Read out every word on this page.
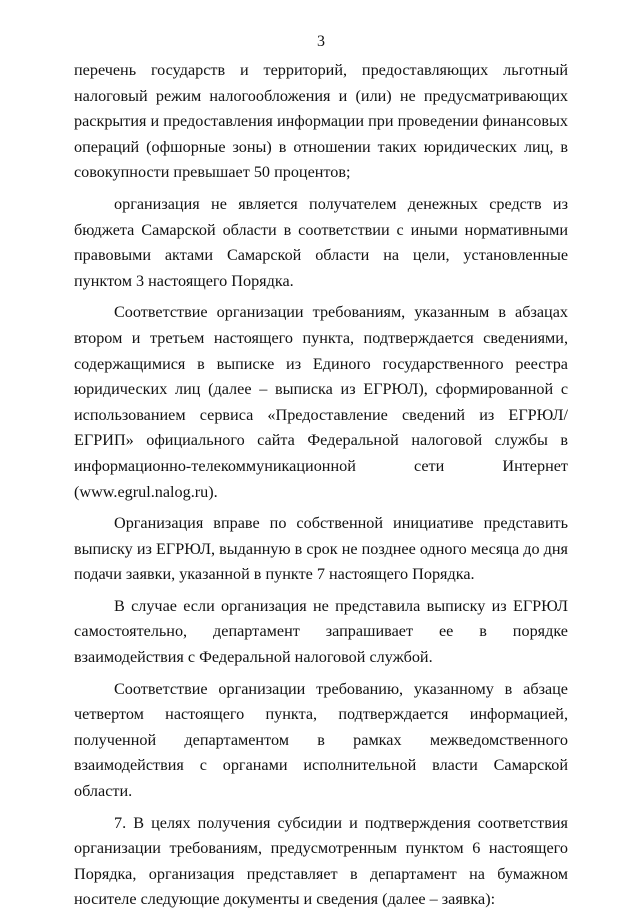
3

перечень государств и территорий, предоставляющих льготный налоговый режим налогообложения и (или) не предусматривающих раскрытия и предоставления информации при проведении финансовых операций (офшорные зоны) в отношении таких юридических лиц, в совокупности превышает 50 процентов;

организация не является получателем денежных средств из бюджета Самарской области в соответствии с иными нормативными правовыми актами Самарской области на цели, установленные пунктом 3 настоящего Порядка.

Соответствие организации требованиям, указанным в абзацах втором и третьем настоящего пункта, подтверждается сведениями, содержащимися в выписке из Единого государственного реестра юридических лиц (далее – выписка из ЕГРЮЛ), сформированной с использованием сервиса «Предоставление сведений из ЕГРЮЛ/ЕГРИП» официального сайта Федеральной налоговой службы в информационно-телекоммуникационной сети Интернет (www.egrul.nalog.ru).

Организация вправе по собственной инициативе представить выписку из ЕГРЮЛ, выданную в срок не позднее одного месяца до дня подачи заявки, указанной в пункте 7 настоящего Порядка.

В случае если организация не представила выписку из ЕГРЮЛ самостоятельно, департамент запрашивает ее в порядке взаимодействия с Федеральной налоговой службой.

Соответствие организации требованию, указанному в абзаце четвертом настоящего пункта, подтверждается информацией, полученной департаментом в рамках межведомственного взаимодействия с органами исполнительной власти Самарской области.

7. В целях получения субсидии и подтверждения соответствия организации требованиям, предусмотренным пунктом 6 настоящего Порядка, организация представляет в департамент на бумажном носителе следующие документы и сведения (далее – заявка):
